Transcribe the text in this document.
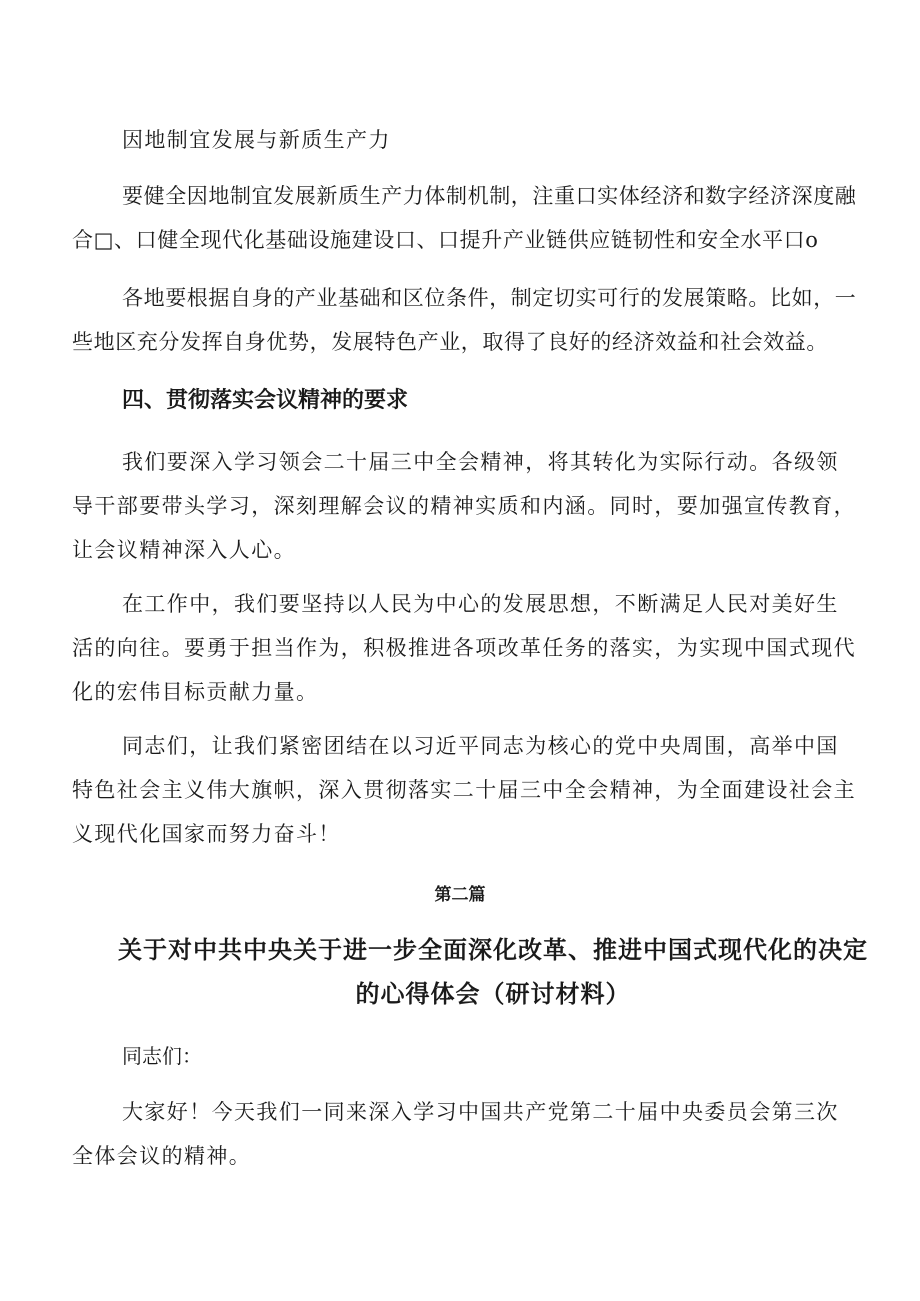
因地制宜发展与新质生产力

要健全因地制宜发展新质生产力体制机制，注重口实体经济和数字经济深度融合□、口健全现代化基础设施建设口、口提升产业链供应链韧性和安全水平口o

各地要根据自身的产业基础和区位条件，制定切实可行的发展策略。比如，一些地区充分发挥自身优势，发展特色产业，取得了良好的经济效益和社会效益。

四、贯彻落实会议精神的要求

我们要深入学习领会二十届三中全会精神，将其转化为实际行动。各级领导干部要带头学习，深刻理解会议的精神实质和内涵。同时，要加强宣传教育，让会议精神深入人心。

在工作中，我们要坚持以人民为中心的发展思想，不断满足人民对美好生活的向往。要勇于担当作为，积极推进各项改革任务的落实，为实现中国式现代化的宏伟目标贡献力量。

同志们，让我们紧密团结在以习近平同志为核心的党中央周围，高举中国特色社会主义伟大旗帜，深入贯彻落实二十届三中全会精神，为全面建设社会主义现代化国家而努力奋斗！

第二篇
关于对中共中央关于进一步全面深化改革、推进中国式现代化的决定的心得体会（研讨材料）

同志们：

大家好！今天我们一同来深入学习中国共产党第二十届中央委员会第三次全体会议的精神。
